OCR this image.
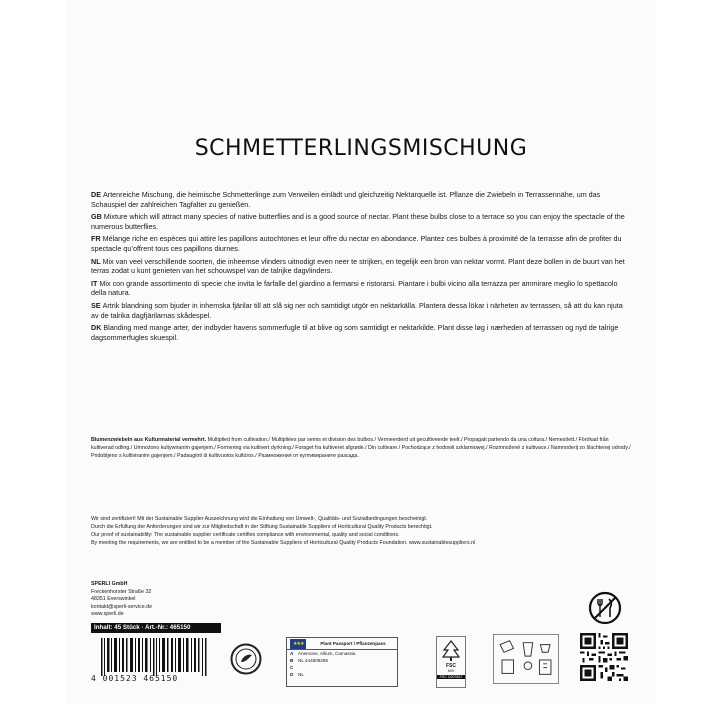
SCHMETTERLINGSMISCHUNG
DE Artenreiche Mischung, die heimische Schmetterlinge zum Verweilen einlädt und gleichzeitig Nektarquelle ist. Pflanze die Zwiebeln in Terrassennähe, um das Schauspiel der zahlreichen Tagfalter zu genießen.
GB Mixture which will attract many species of native butterflies and is a good source of nectar. Plant these bulbs close to a terrace so you can enjoy the spectacle of the numerous butterflies.
FR Mélange riche en espèces qui attire les papillons autochtones et leur offre du nectar en abondance. Plantez ces bulbes à proximité de la terrasse afin de profiter du spectacle qu’offrent tous ces papillons diurnes.
NL Mix van veel verschillende soorten, die inheemse vlinders uitnodigt even neer te strijken, en tegelijk een bron van nektar vormt. Plant deze bollen in de buurt van het terras zodat u kunt genieten van het schouwspel van de talrijke dagvlinders.
IT Mix con grande assortimento di specie che invita le farfalle del giardino a fermarsi e ristorarsi. Piantare i bulbi vicino alla terrazza per ammirare meglio lo spettacolo della natura.
SE Artrik blandning som bjuder in inhemska fjärilar till att slå sig ner och samtidigt utgör en nektarkälla. Plantera dessa lökar i närheten av terrassen, så att du kan njuta av de talrika dagfjärilarnas skådespel.
DK Blanding med mange arter, der indbyder havens sommerfugle til at blive og som samtidigt er nektarkilde. Plant disse løg i nærheden af terrassen og nyd de talrige dagsommerfugles skuespil.
Blumenzwiebeln aus Kulturmaterial vermehrt. Multiplied from cultivation./ Multipliées par semis et division des bulbos./ Vermeerderd uit gecultiveerde teelt./ Propagati partendo da una coltura./ Nemesített./ Förökad från kultiverad odling./ Umnożono kultywiranim gajenjem./ Formering via kultivert dyrkning./ Foraget fra kultiveret afgrøde./ Din cultivare./ Pochodzące z hodowli szklarniowej./ Rozmnožené z kultivace./ Namnoderij zo šlachtenej odrody./ Pridobljeno s kultiviranim gajenjem./ Padauginti iš kultivuotos kultūros./ Размножения от култивираните разсада.
Wir sind zertifiziert! Mit der Sustainable Supplier Auszeichnung wird die Einhaltung von Umwelt-, Qualitäts- und Sozialbedingungen bescheinigt.
Durch die Erfüllung der Anforderungen sind wir zur Mitgliedschaft in der Stiftung Sustainable Suppliers of Horticultural Quality Products berechtigt.
Our proof of sustainability: The sustainable supplier certificate certifies compliance with environmental, quality and social conditions.
By meeting the requirements, we are entitled to be a member of the Sustainable Suppliers of Horticultural Quality Products Foundation. www.sustainablesuppliers.nl
SPERLI GmbH
Freckenhorster Straße 32
48351 Everswinkel
kontakt@sperli-service.de
www.sperli.de
Inhalt: 45 Stück · Art.-Nr.: 465150
4 001523 465150
★★★	Plant Passport / Pflanzenpass
A	Anemone, Allium, Camassia
B	NL 444808288
C
D	NL
FSC
MIX
FSC C007807
